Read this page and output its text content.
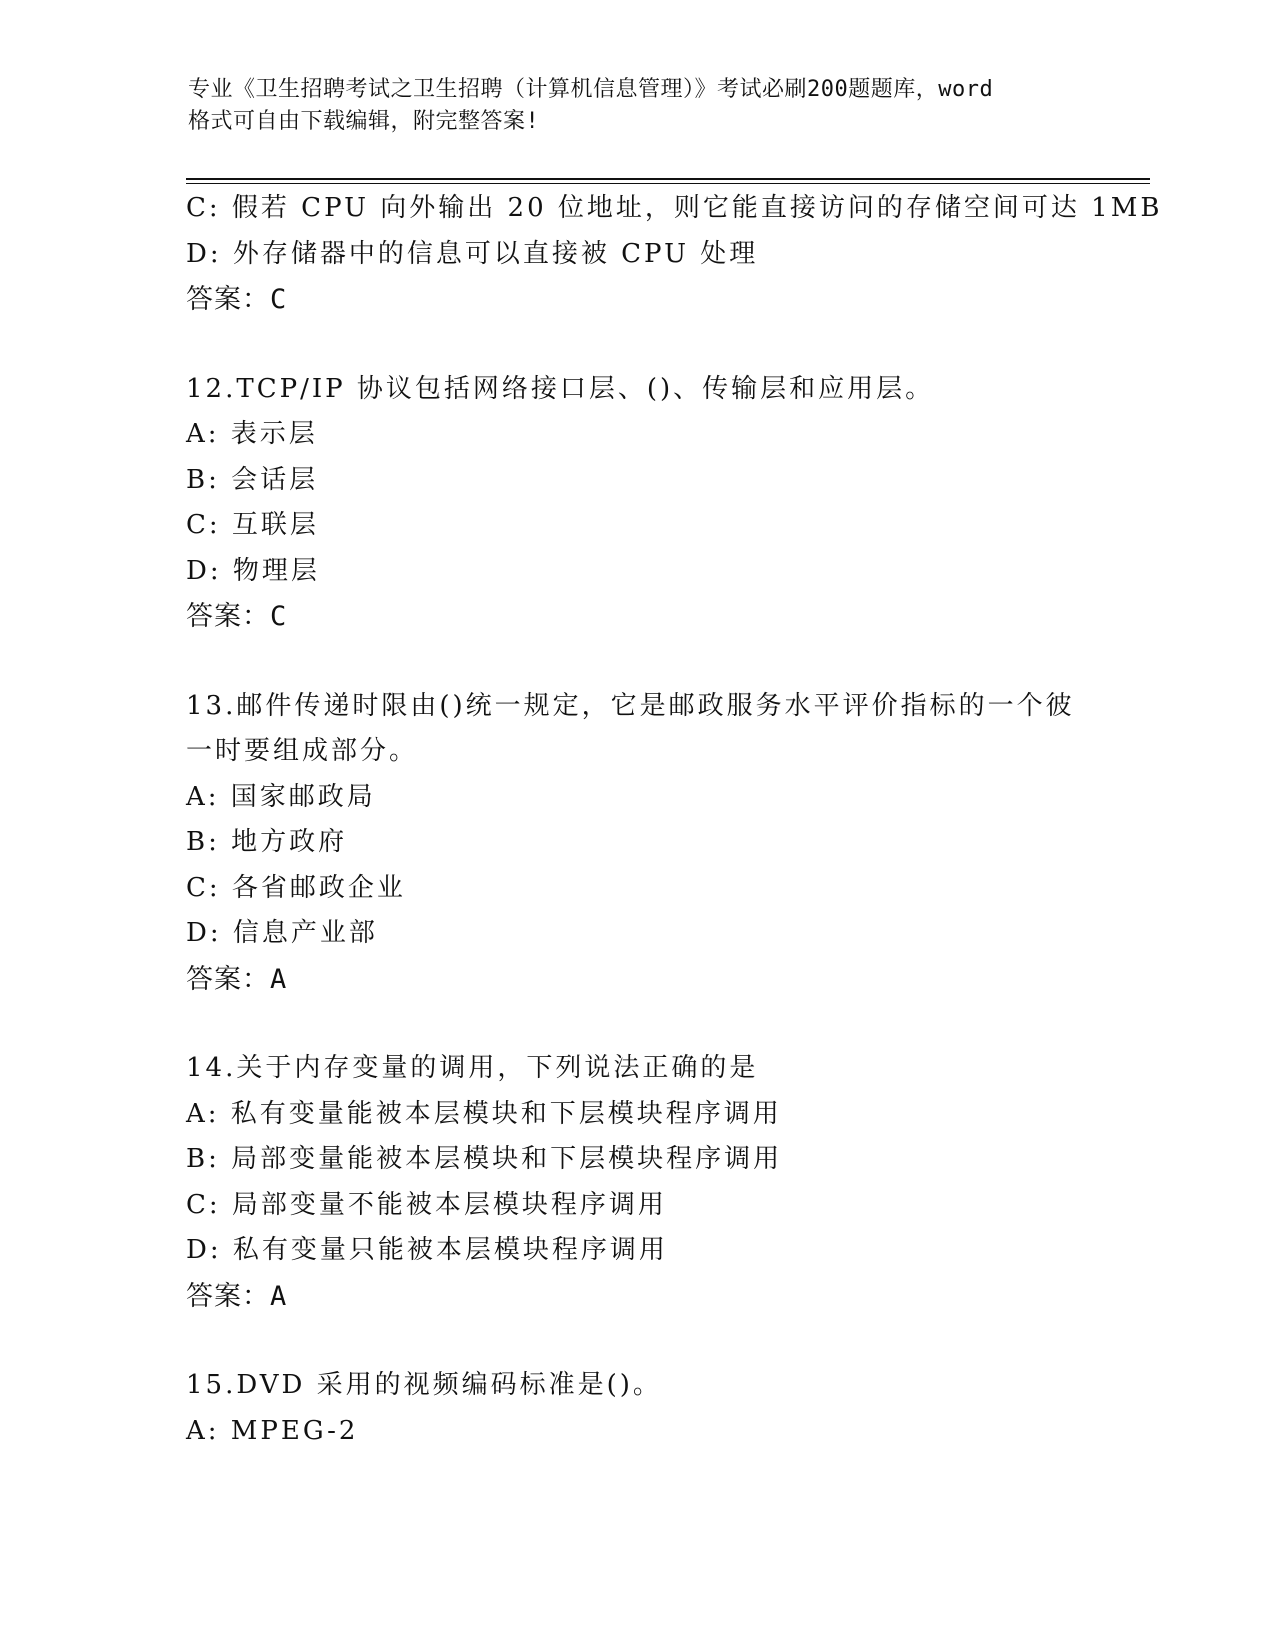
专业《卫生招聘考试之卫生招聘（计算机信息管理）》考试必刷200题题库，word
格式可自由下载编辑，附完整答案!
C: 假若 CPU 向外输出 20 位地址，则它能直接访问的存储空间可达 1MB
D: 外存储器中的信息可以直接被 CPU 处理
答案：C
12.TCP/IP 协议包括网络接口层、()、传输层和应用层。
A: 表示层
B: 会话层
C: 互联层
D: 物理层
答案：C
13.邮件传递时限由()统一规定，它是邮政服务水平评价指标的一个彼
一时要组成部分。
A: 国家邮政局
B: 地方政府
C: 各省邮政企业
D: 信息产业部
答案：A
14.关于内存变量的调用，下列说法正确的是
A: 私有变量能被本层模块和下层模块程序调用
B: 局部变量能被本层模块和下层模块程序调用
C: 局部变量不能被本层模块程序调用
D: 私有变量只能被本层模块程序调用
答案：A
15.DVD 采用的视频编码标准是()。
A: MPEG-2
